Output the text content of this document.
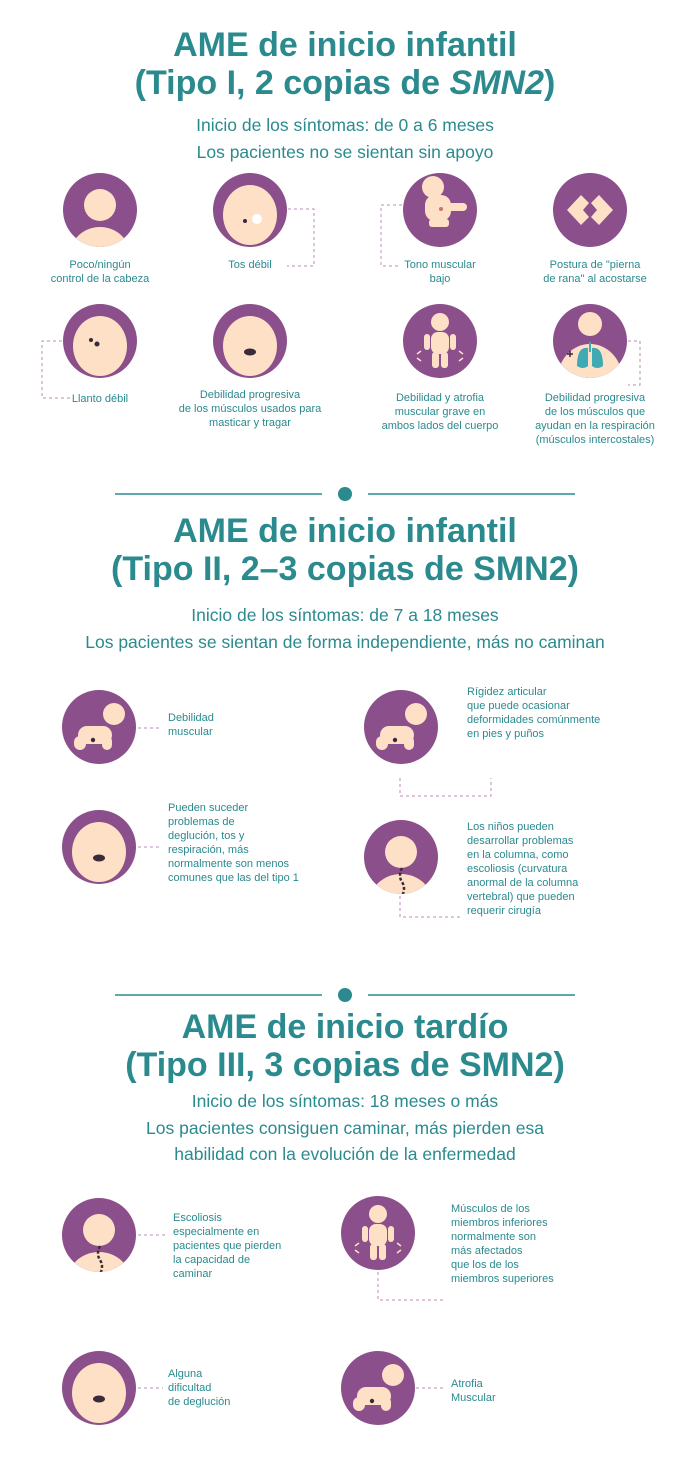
AME de inicio infantil
(Tipo I, 2 copias de SMN2)

Inicio de los síntomas: de 0 a 6 meses

Los pacientes no se sientan sin apoyo

Poco/ningún
control de la cabeza
Tos débil	Tono muscular
bajo
Postura de "pierna
de rana" al acostarse
Llanto débil	Debilidad progresiva
de los músculos usados para
masticar y tragar
Debilidad y atrofia
muscular grave en
ambos lados del cuerpo
Debilidad progresiva
de los músculos que
ayudan en la respiración
(músculos intercostales)
AME de inicio infantil
(Tipo II, 2–3 copias de SMN2)

Inicio de los síntomas: de 7 a 18 meses

Los pacientes se sientan de forma independiente, más no caminan

Debilidad
muscular
Rígidez articular
que puede ocasionar
deformidades comúnmente
en pies y puños
Pueden suceder
problemas de
deglución, tos y
respiración, más
normalmente son menos
comunes que las del tipo 1
Los niños pueden
desarrollar problemas
en la columna, como
escoliosis (curvatura
anormal de la columna
vertebral) que pueden
requerir cirugía
AME de inicio tardío
(Tipo III, 3 copias de SMN2)

Inicio de los síntomas: 18 meses o más

Los pacientes consiguen caminar, más pierden esa

habilidad con la evolución de la enfermedad

Escoliosis
especialmente en
pacientes que pierden
la capacidad de
caminar
Músculos de los
miembros inferiores
normalmente son
más afectados
que los de los
miembros superiores
Alguna
dificultad
de deglución
Atrofia
Muscular
